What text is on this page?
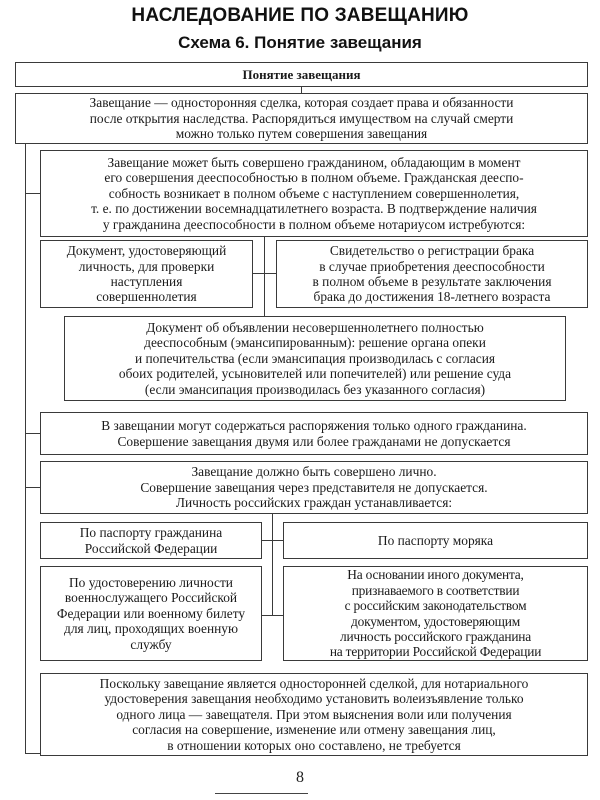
НАСЛЕДОВАНИЕ ПО ЗАВЕЩАНИЮ
Схема 6. Понятие завещания
Понятие завещания
Завещание — односторонняя сделка, которая создает права и обязанности
после открытия наследства. Распорядиться имуществом на случай смерти
можно только путем совершения завещания
Завещание может быть совершено гражданином, обладающим в момент
его совершения дееспособностью в полном объеме. Гражданская дееспо-
собность возникает в полном объеме с наступлением совершеннолетия,
т. е. по достижении восемнадцатилетнего возраста. В подтверждение наличия
у гражданина дееспособности в полном объеме нотариусом истребуются:
Документ, удостоверяющий
личность, для проверки
наступления
совершеннолетия
Свидетельство о регистрации брака
в случае приобретения дееспособности
в полном объеме в результате заключения
брака до достижения 18-летнего возраста
Документ об объявлении несовершеннолетнего полностью
дееспособным (эмансипированным): решение органа опеки
и попечительства (если эмансипация производилась с согласия
обоих родителей, усыновителей или попечителей) или решение суда
(если эмансипация производилась без указанного согласия)
В завещании могут содержаться распоряжения только одного гражданина.
Совершение завещания двумя или более гражданами не допускается
Завещание должно быть совершено лично.
Совершение завещания через представителя не допускается.
Личность российских граждан устанавливается:
По паспорту гражданина
Российской Федерации
По паспорту моряка
По удостоверению личности
военнослужащего Российской
Федерации или военному билету
для лиц, проходящих военную
службу
На основании иного документа,
признаваемого в соответствии
с российским законодательством
документом, удостоверяющим
личность российского гражданина
на территории Российской Федерации
Поскольку завещание является односторонней сделкой, для нотариального
удостоверения завещания необходимо установить волеизъявление только
одного лица — завещателя. При этом выяснения воли или получения
согласия на совершение, изменение или отмену завещания лиц,
в отношении которых оно составлено, не требуется
8
